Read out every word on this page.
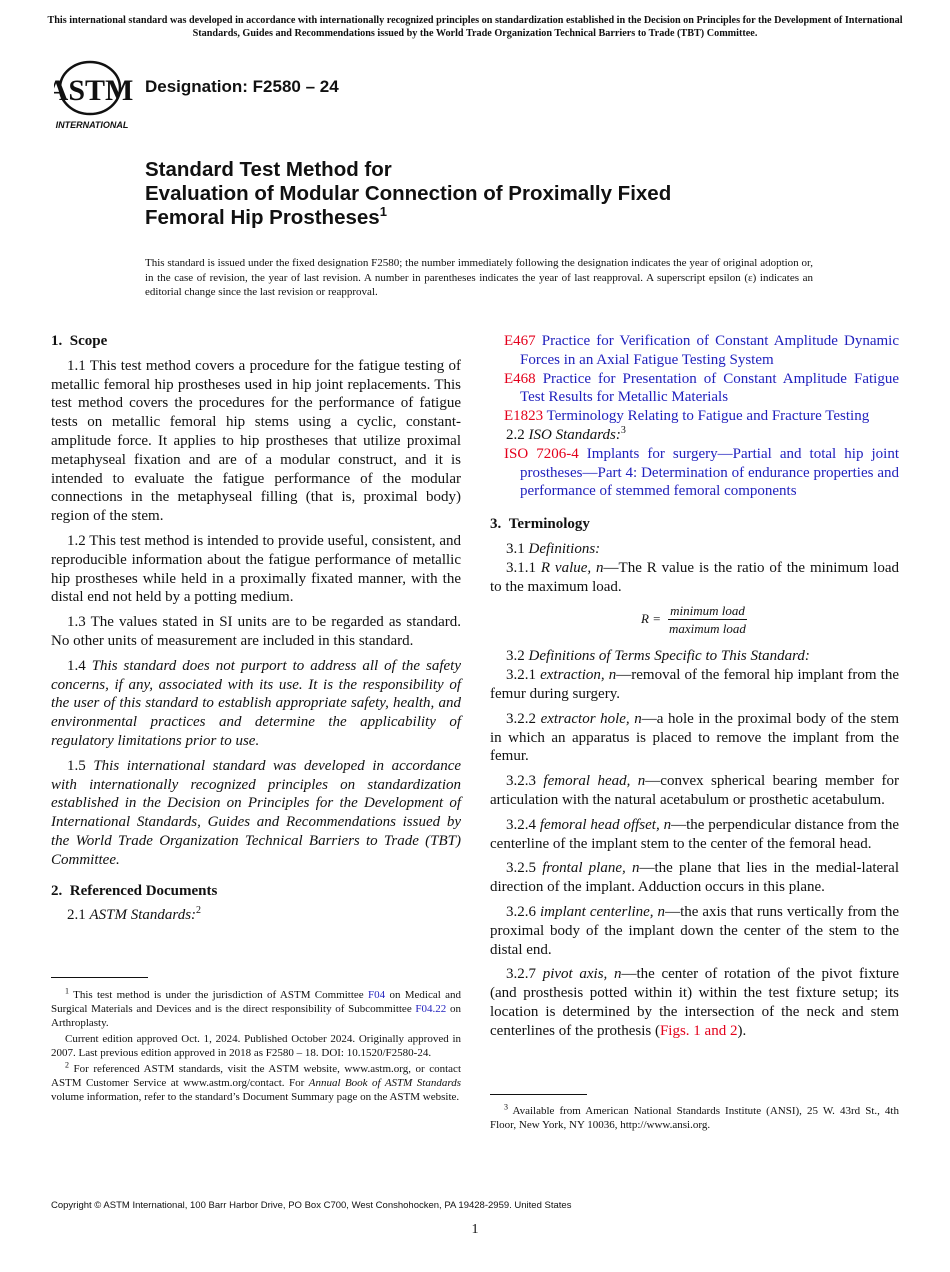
This international standard was developed in accordance with internationally recognized principles on standardization established in the Decision on Principles for the Development of International Standards, Guides and Recommendations issued by the World Trade Organization Technical Barriers to Trade (TBT) Committee.
ASTM
INTERNATIONAL
Designation: F2580 – 24
Standard Test Method for
Evaluation of Modular Connection of Proximally Fixed
Femoral Hip Prostheses$^1$
This standard is issued under the fixed designation F2580; the number immediately following the designation indicates the year of original adoption or, in the case of revision, the year of last revision. A number in parentheses indicates the year of last reapproval. A superscript epsilon (ε) indicates an editorial change since the last revision or reapproval.
1.  Scope

1.1 This test method covers a procedure for the fatigue testing of metallic femoral hip prostheses used in hip joint replacements. This test method covers the procedures for the performance of fatigue tests on metallic femoral hip stems using a cyclic, constant-amplitude force. It applies to hip prostheses that utilize proximal metaphyseal fixation and are of a modular construct, and it is intended to evaluate the fatigue performance of the modular connections in the metaphyseal filling (that is, proximal body) region of the stem.

1.2 This test method is intended to provide useful, consistent, and reproducible information about the fatigue performance of metallic hip prostheses while held in a proximally fixated manner, with the distal end not held by a potting medium.

1.3 The values stated in SI units are to be regarded as standard. No other units of measurement are included in this standard.

1.4 This standard does not purport to address all of the safety concerns, if any, associated with its use. It is the responsibility of the user of this standard to establish appropriate safety, health, and environmental practices and determine the applicability of regulatory limitations prior to use.

1.5 This international standard was developed in accordance with internationally recognized principles on standardization established in the Decision on Principles for the Development of International Standards, Guides and Recommendations issued by the World Trade Organization Technical Barriers to Trade (TBT) Committee.

2.  Referenced Documents

2.1 ASTM Standards:$^2$

$^1$ This test method is under the jurisdiction of ASTM Committee F04 on Medical and Surgical Materials and Devices and is the direct responsibility of Subcommittee F04.22 on Arthroplasty.

Current edition approved Oct. 1, 2024. Published October 2024. Originally approved in 2007. Last previous edition approved in 2018 as F2580 – 18. DOI: 10.1520/F2580-24.

$^2$ For referenced ASTM standards, visit the ASTM website, www.astm.org, or contact ASTM Customer Service at www.astm.org/contact. For Annual Book of ASTM Standards volume information, refer to the standard’s Document Summary page on the ASTM website.

E467 Practice for Verification of Constant Amplitude Dynamic Forces in an Axial Fatigue Testing System
E468 Practice for Presentation of Constant Amplitude Fatigue Test Results for Metallic Materials
E1823 Terminology Relating to Fatigue and Fracture Testing

2.2 ISO Standards:$^3$

ISO 7206-4 Implants for surgery—Partial and total hip joint prostheses—Part 4: Determination of endurance properties and performance of stemmed femoral components
3.  Terminology

3.1 Definitions:

3.1.1 R value, n—The R value is the ratio of the minimum load to the maximum load.

$R = \frac{\text{minimum load}}{\text{maximum load}}$

3.2 Definitions of Terms Specific to This Standard:

3.2.1 extraction, n—removal of the femoral hip implant from the femur during surgery.

3.2.2 extractor hole, n—a hole in the proximal body of the stem in which an apparatus is placed to remove the implant from the femur.

3.2.3 femoral head, n—convex spherical bearing member for articulation with the natural acetabulum or prosthetic acetabulum.

3.2.4 femoral head offset, n—the perpendicular distance from the centerline of the implant stem to the center of the femoral head.

3.2.5 frontal plane, n—the plane that lies in the medial-lateral direction of the implant. Adduction occurs in this plane.

3.2.6 implant centerline, n—the axis that runs vertically from the proximal body of the implant down the center of the stem to the distal end.

3.2.7 pivot axis, n—the center of rotation of the pivot fixture (and prosthesis potted within it) within the test fixture setup; its location is determined by the intersection of the neck and stem centerlines of the prothesis (Figs. 1 and 2).

$^3$ Available from American National Standards Institute (ANSI), 25 W. 43rd St., 4th Floor, New York, NY 10036, http://www.ansi.org.

Copyright © ASTM International, 100 Barr Harbor Drive, PO Box C700, West Conshohocken, PA 19428-2959. United States
1
